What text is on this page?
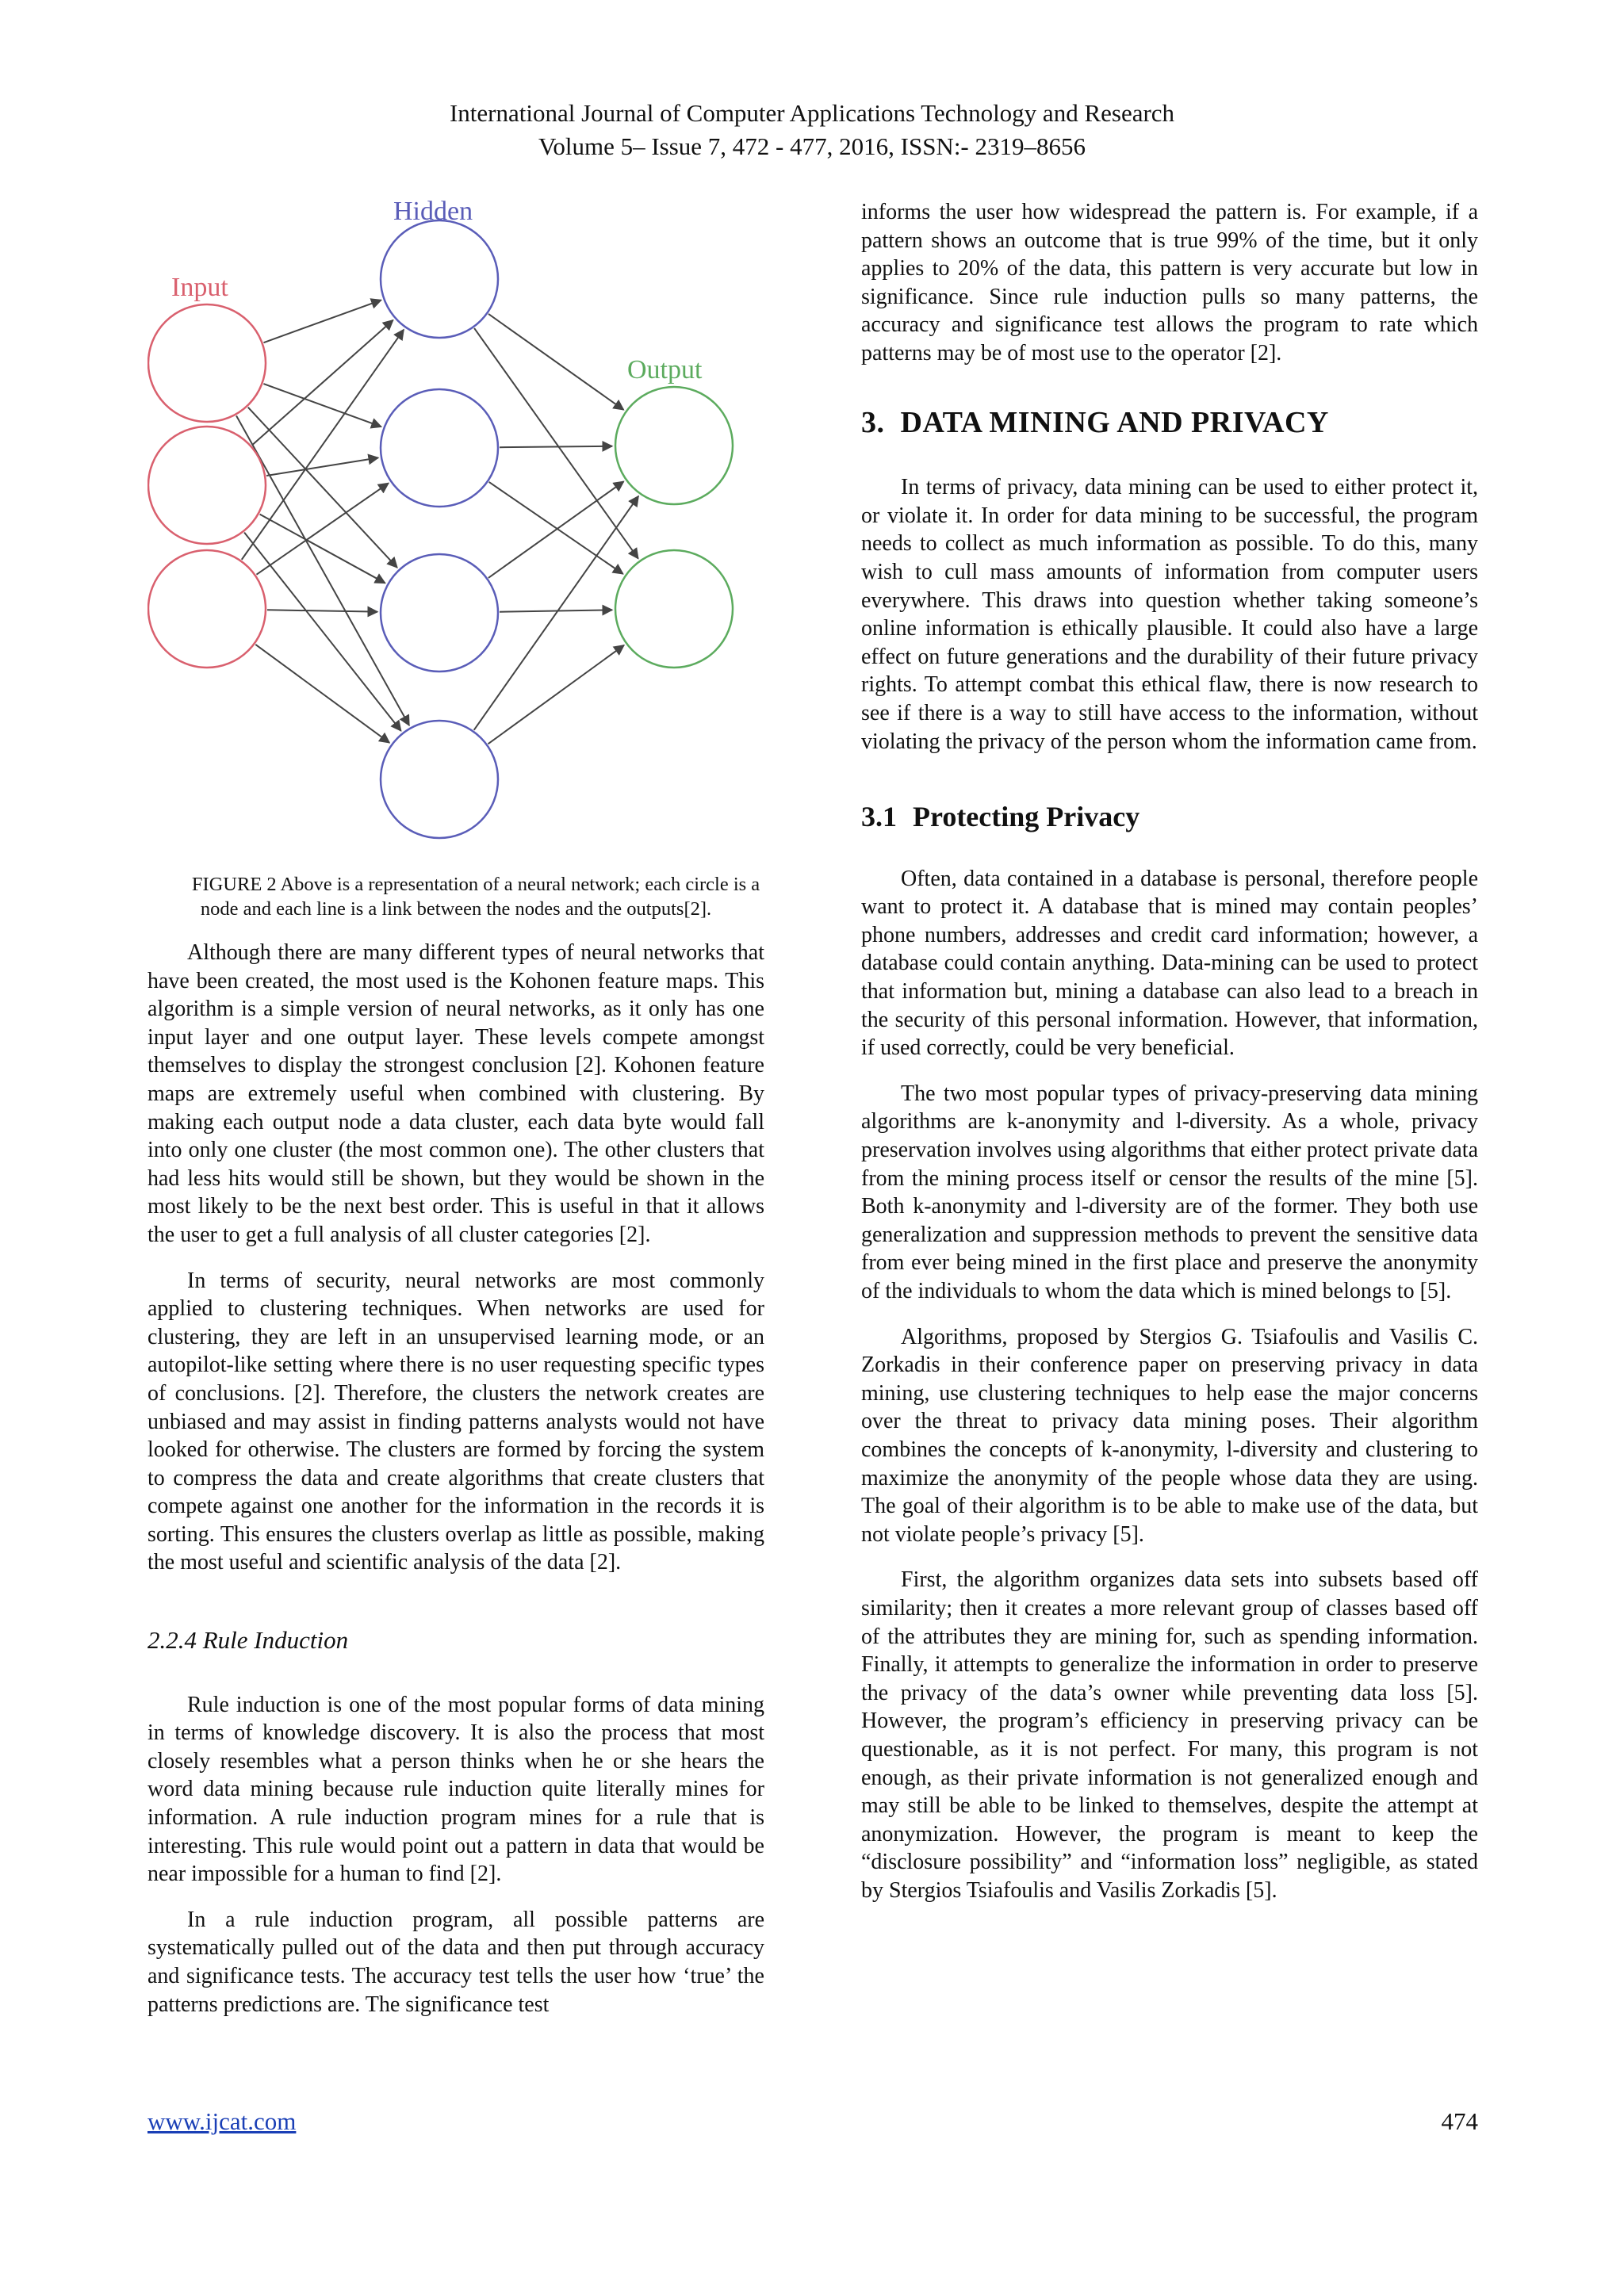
International Journal of Computer Applications Technology and Research
Volume 5– Issue 7, 472 - 477, 2016, ISSN:- 2319–8656
Input
Hidden
Output

FIGURE 2 Above is a representation of a neural network; each circle is a node and each line is a link between the nodes and the outputs[2].

Although there are many different types of neural networks that have been created, the most used is the Kohonen feature maps. This algorithm is a simple version of neural networks, as it only has one input layer and one output layer. These levels compete amongst themselves to display the strongest conclusion [2]. Kohonen feature maps are extremely useful when combined with clustering. By making each output node a data cluster, each data byte would fall into only one cluster (the most common one). The other clusters that had less hits would still be shown, but they would be shown in the most likely to be the next best order. This is useful in that it allows the user to get a full analysis of all cluster categories [2].

In terms of security, neural networks are most commonly applied to clustering techniques. When networks are used for clustering, they are left in an unsupervised learning mode, or an autopilot-like setting where there is no user requesting specific types of conclusions. [2]. Therefore, the clusters the network creates are unbiased and may assist in finding patterns analysts would not have looked for otherwise. The clusters are formed by forcing the system to compress the data and create algorithms that create clusters that compete against one another for the information in the records it is sorting. This ensures the clusters overlap as little as possible, making the most useful and scientific analysis of the data [2].

2.2.4 Rule Induction

Rule induction is one of the most popular forms of data mining in terms of knowledge discovery. It is also the process that most closely resembles what a person thinks when he or she hears the word data mining because rule induction quite literally mines for information. A rule induction program mines for a rule that is interesting. This rule would point out a pattern in data that would be near impossible for a human to find [2].

In a rule induction program, all possible patterns are systematically pulled out of the data and then put through accuracy and significance tests. The accuracy test tells the user how ‘true’ the patterns predictions are. The significance test

informs the user how widespread the pattern is. For example, if a pattern shows an outcome that is true 99% of the time, but it only applies to 20% of the data, this pattern is very accurate but low in significance. Since rule induction pulls so many patterns, the accuracy and significance test allows the program to rate which patterns may be of most use to the operator [2].

3. DATA MINING AND PRIVACY

In terms of privacy, data mining can be used to either protect it, or violate it. In order for data mining to be successful, the program needs to collect as much information as possible. To do this, many wish to cull mass amounts of information from computer users everywhere. This draws into question whether taking someone’s online information is ethically plausible. It could also have a large effect on future generations and the durability of their future privacy rights. To attempt combat this ethical flaw, there is now research to see if there is a way to still have access to the information, without violating the privacy of the person whom the information came from.

3.1 Protecting Privacy

Often, data contained in a database is personal, therefore people want to protect it. A database that is mined may contain peoples’ phone numbers, addresses and credit card information; however, a database could contain anything. Data-mining can be used to protect that information but, mining a database can also lead to a breach in the security of this personal information. However, that information, if used correctly, could be very beneficial.

The two most popular types of privacy-preserving data mining algorithms are k-anonymity and l-diversity. As a whole, privacy preservation involves using algorithms that either protect private data from the mining process itself or censor the results of the mine [5]. Both k-anonymity and l-diversity are of the former. They both use generalization and suppression methods to prevent the sensitive data from ever being mined in the first place and preserve the anonymity of the individuals to whom the data which is mined belongs to [5].

Algorithms, proposed by Stergios G. Tsiafoulis and Vasilis C. Zorkadis in their conference paper on preserving privacy in data mining, use clustering techniques to help ease the major concerns over the threat to privacy data mining poses. Their algorithm combines the concepts of k-anonymity, l-diversity and clustering to maximize the anonymity of the people whose data they are using. The goal of their algorithm is to be able to make use of the data, but not violate people’s privacy [5].

First, the algorithm organizes data sets into subsets based off similarity; then it creates a more relevant group of classes based off of the attributes they are mining for, such as spending information. Finally, it attempts to generalize the information in order to preserve the privacy of the data’s owner while preventing data loss [5]. However, the program’s efficiency in preserving privacy can be questionable, as it is not perfect. For many, this program is not enough, as their private information is not generalized enough and may still be able to be linked to themselves, despite the attempt at anonymization. However, the program is meant to keep the “disclosure possibility” and “information loss” negligible, as stated by Stergios Tsiafoulis and Vasilis Zorkadis [5].

www.ijcat.com	474
